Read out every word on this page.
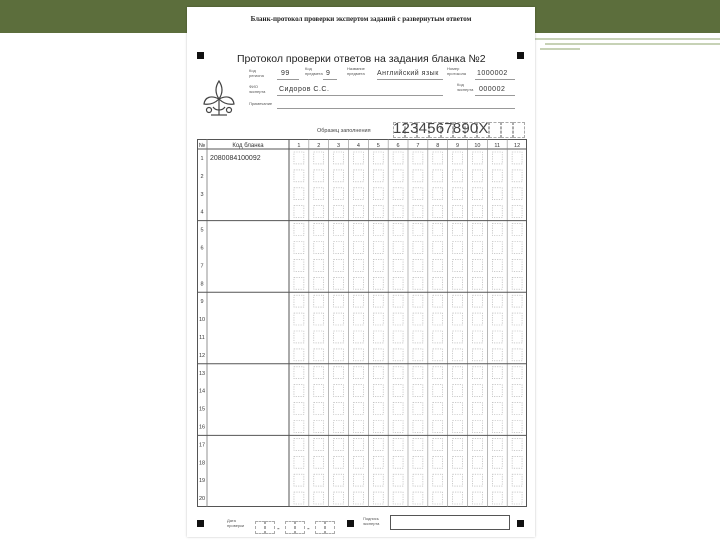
Бланк-протокол проверки экспертом заданий с развернутым ответом
Протокол проверки ответов на задания бланка №2
Код региона	99
Код предмета 9
Название предмета	Английский язык
Номер протокола	1000002
ФИО эксперта	Сидоров С.С.
Код эксперта 000002
Примечание
Образец заполнения 1234567890X
№	Код бланка	1	2	3	4	5	6	7	8	9	10	11	12
1 2080084100092
2
3
4
5
6
7
8
9
10
11
12
13
14
15
16
17
18
19
20
Дата проверки	-	-
Подпись эксперта
